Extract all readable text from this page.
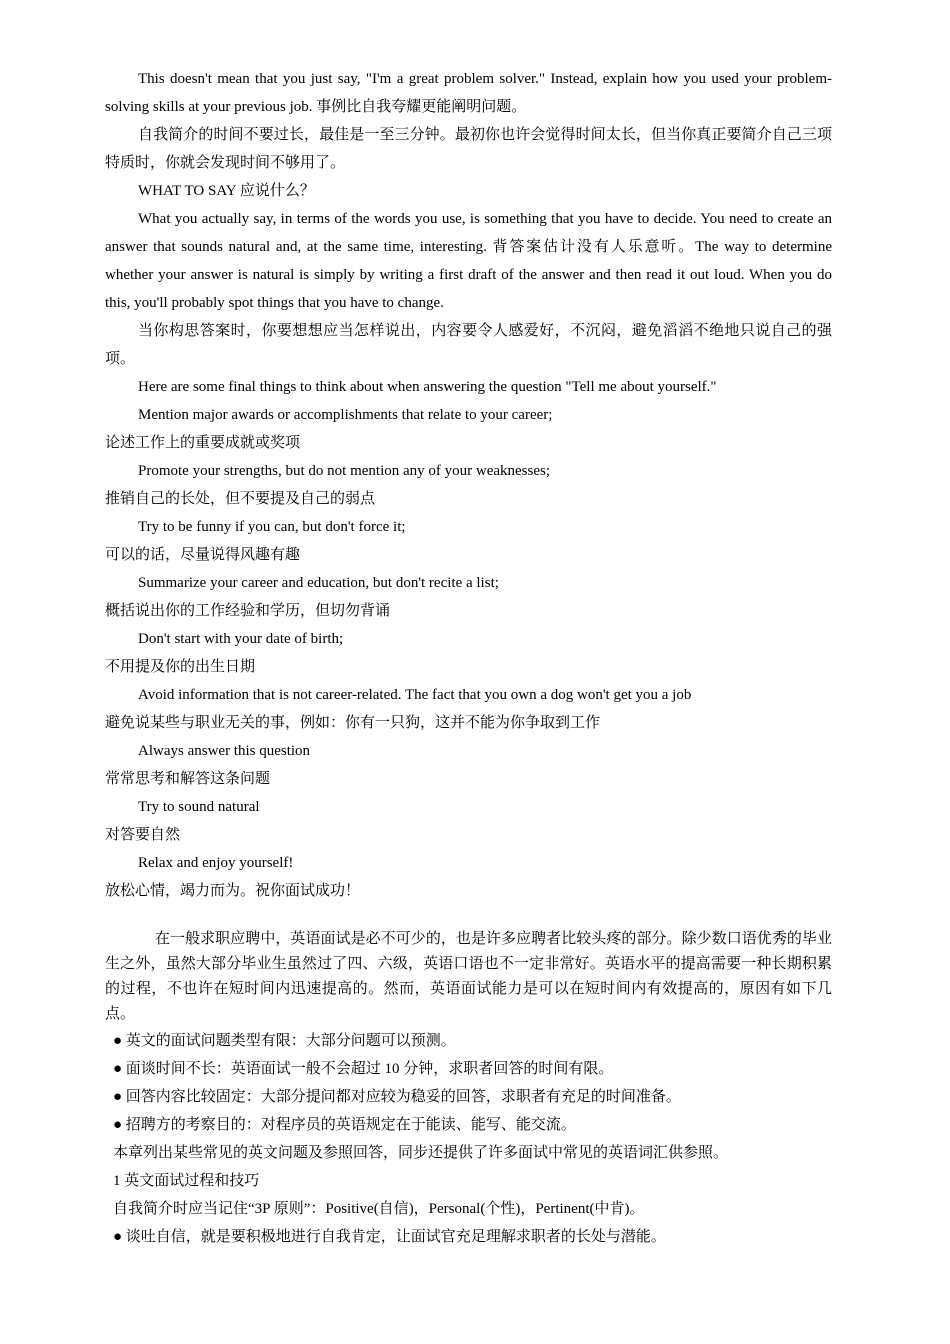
This doesn't mean that you just say, "I'm a great problem solver." Instead, explain how you used your problem-solving skills at your previous job. 事例比自我夸耀更能阐明问题。

自我简介的时间不要过长，最佳是一至三分钟。最初你也许会觉得时间太长，但当你真正要简介自己三项特质时，你就会发现时间不够用了。

WHAT TO SAY 应说什么？

What you actually say, in terms of the words you use, is something that you have to decide. You need to create an answer that sounds natural and, at the same time, interesting. 背答案估计没有人乐意听。The way to determine whether your answer is natural is simply by writing a first draft of the answer and then read it out loud. When you do this, you'll probably spot things that you have to change.

当你构思答案时，你要想想应当怎样说出，内容要令人感爱好，不沉闷，避免滔滔不绝地只说自己的强项。

Here are some final things to think about when answering the question "Tell me about yourself."

Mention major awards or accomplishments that relate to your career;

论述工作上的重要成就或奖项

Promote your strengths, but do not mention any of your weaknesses;

推销自己的长处，但不要提及自己的弱点

Try to be funny if you can, but don't force it;

可以的话，尽量说得风趣有趣

Summarize your career and education, but don't recite a list;

概括说出你的工作经验和学历，但切勿背诵

Don't start with your date of birth;

不用提及你的出生日期

Avoid information that is not career-related. The fact that you own a dog won't get you a job

避免说某些与职业无关的事，例如：你有一只狗，这并不能为你争取到工作

Always answer this question

常常思考和解答这条问题

Try to sound natural

对答要自然

Relax and enjoy yourself!

放松心情，竭力而为。祝你面试成功！

在一般求职应聘中，英语面试是必不可少的，也是许多应聘者比较头疼的部分。除少数口语优秀的毕业生之外，虽然大部分毕业生虽然过了四、六级，英语口语也不一定非常好。英语水平的提高需要一种长期积累的过程，不也许在短时间内迅速提高的。然而，英语面试能力是可以在短时间内有效提高的，原因有如下几点。

● 英文的面试问题类型有限：大部分问题可以预测。

● 面谈时间不长：英语面试一般不会超过 10 分钟，求职者回答的时间有限。

● 回答内容比较固定：大部分提问都对应较为稳妥的回答，求职者有充足的时间准备。

● 招聘方的考察目的：对程序员的英语规定在于能读、能写、能交流。

本章列出某些常见的英文问题及参照回答，同步还提供了许多面试中常见的英语词汇供参照。

1 英文面试过程和技巧

自我简介时应当记住“3P 原则”：Positive(自信)，Personal(个性)，Pertinent(中肯)。

● 谈吐自信，就是要积极地进行自我肯定，让面试官充足理解求职者的长处与潜能。
